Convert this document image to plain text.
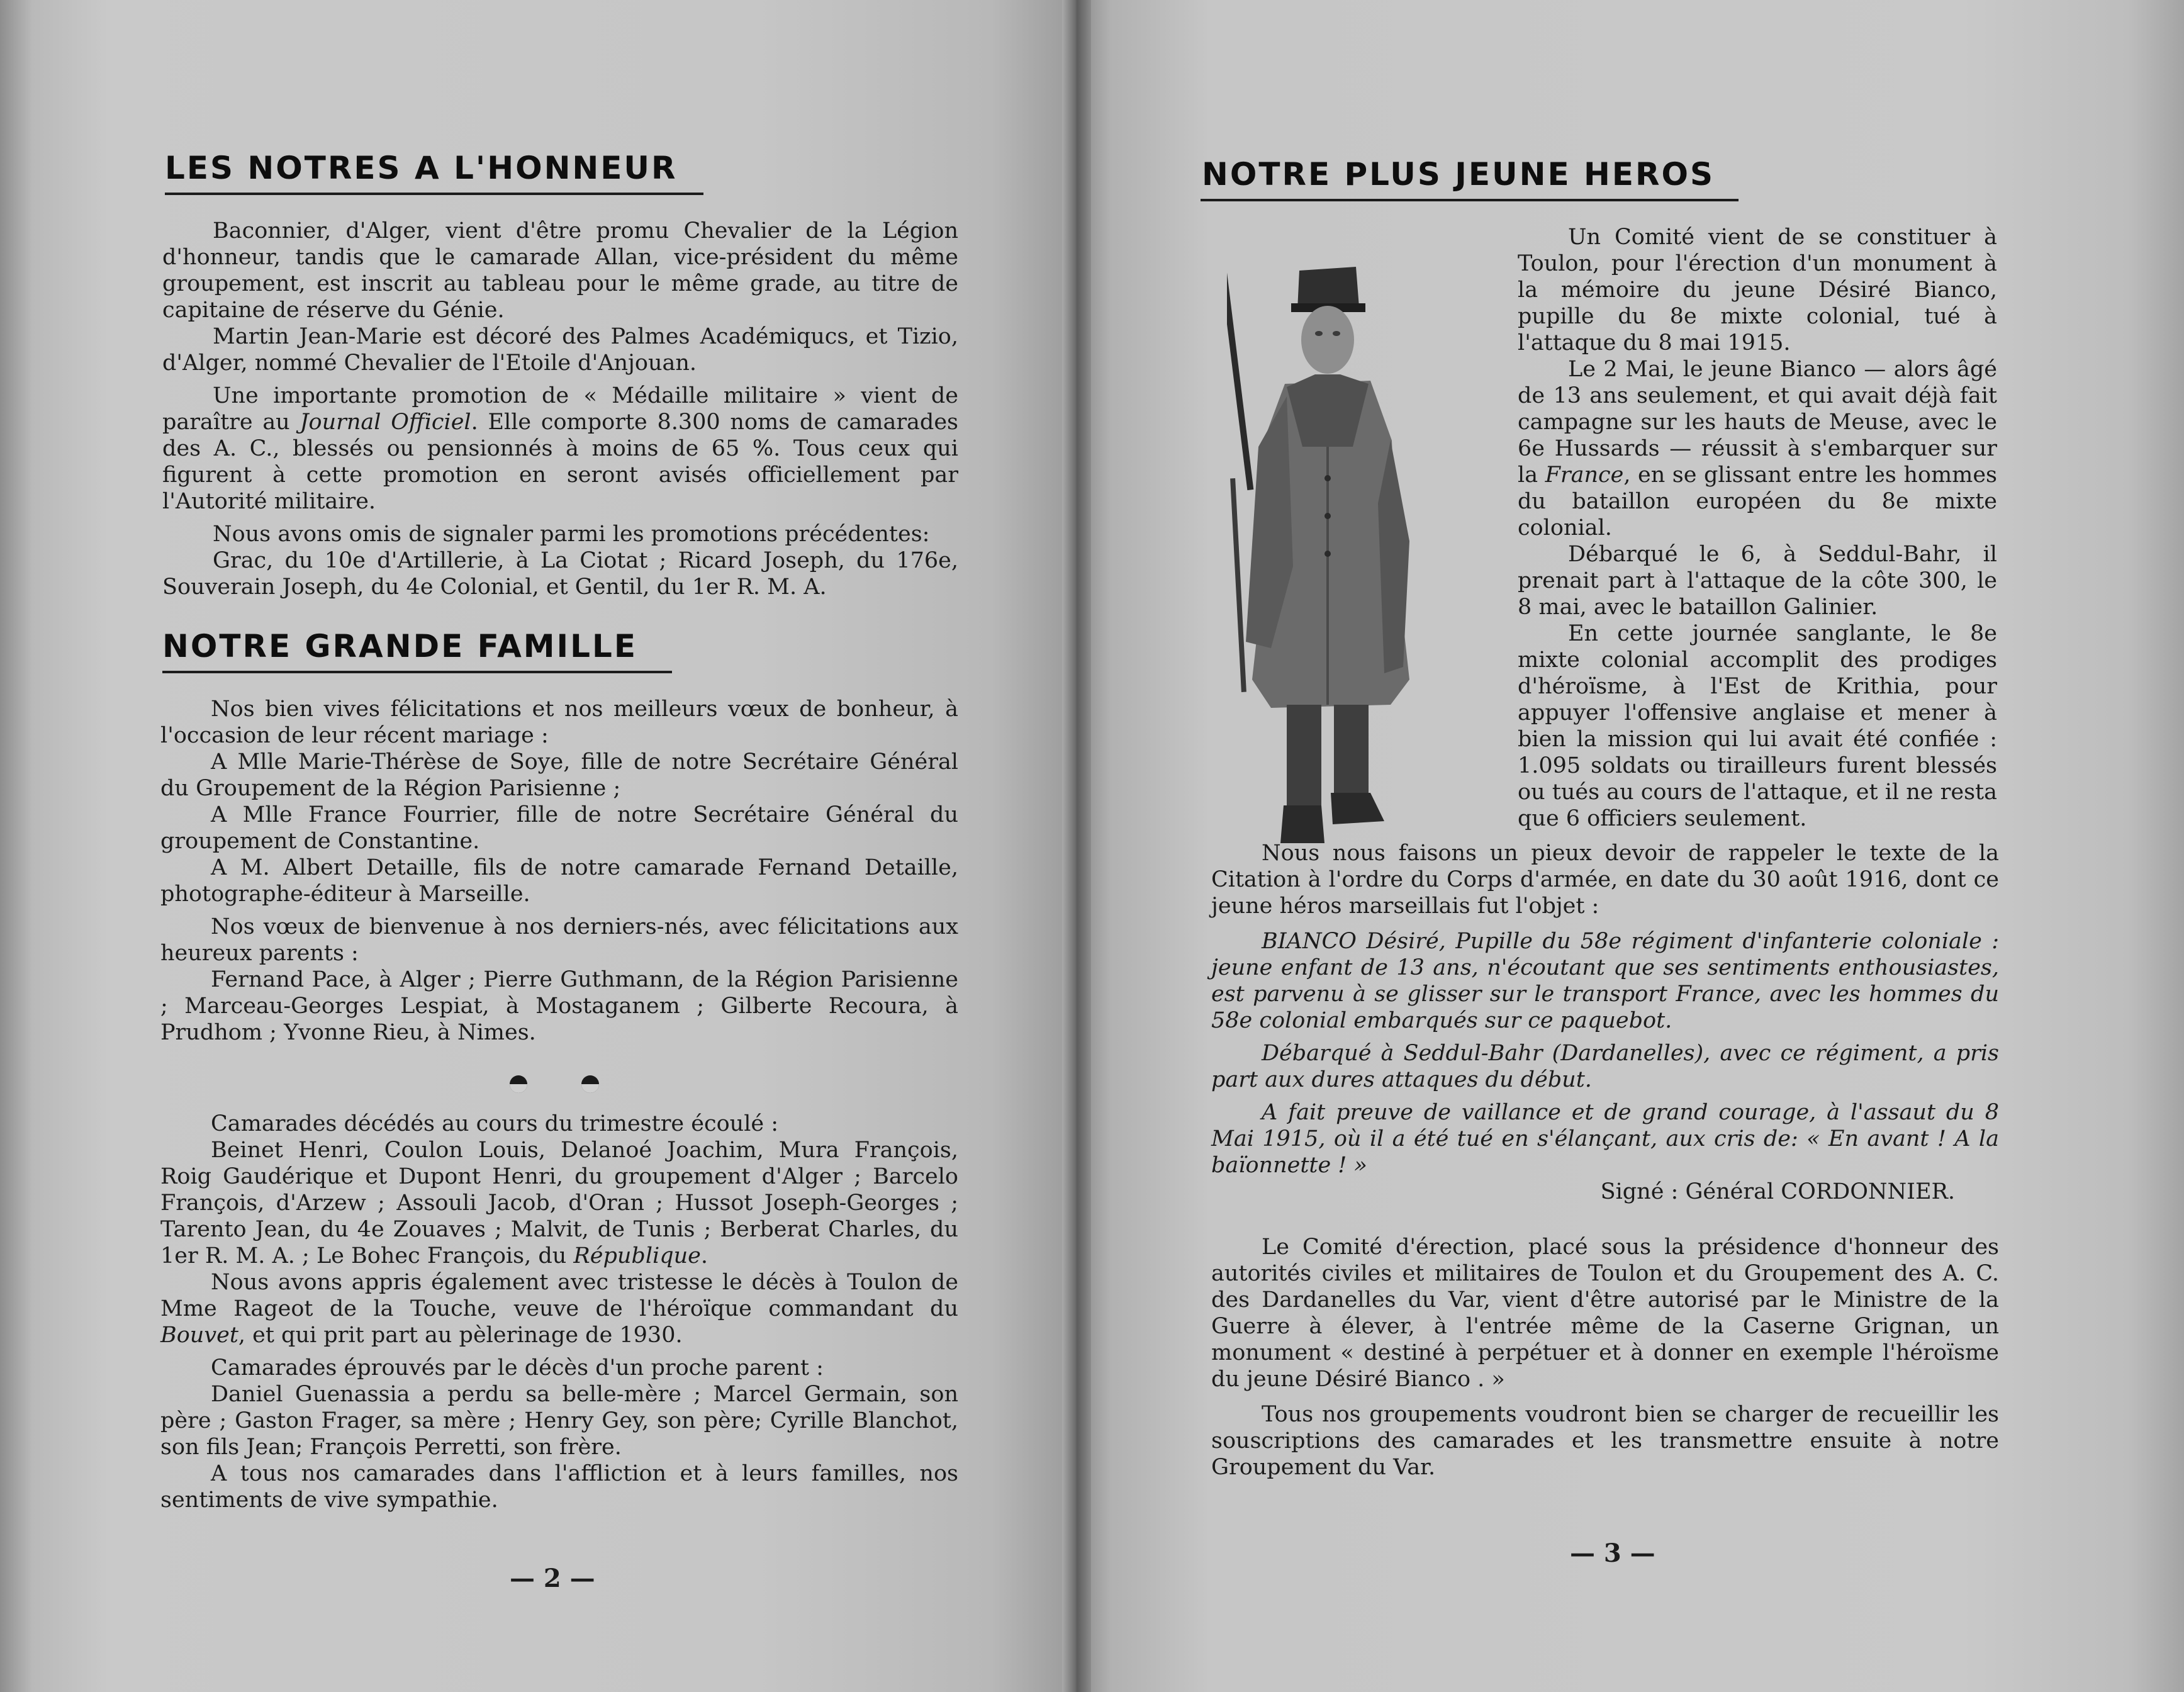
LES NOTRES A L'HONNEUR

Baconnier, d'Alger, vient d'être promu Chevalier de la Légion d'honneur, tandis que le camarade Allan, vice-président du même groupement, est inscrit au tableau pour le même grade, au titre de capitaine de réserve du Génie.

Martin Jean-Marie est décoré des Palmes Académiqucs, et Tizio, d'Alger, nommé Chevalier de l'Etoile d'Anjouan.

Une importante promotion de « Médaille militaire » vient de paraître au Journal Officiel. Elle comporte 8.300 noms de camarades des A. C., blessés ou pensionnés à moins de 65 %. Tous ceux qui figurent à cette promotion en seront avisés officiellement par l'Autorité militaire.

Nous avons omis de signaler parmi les promotions précédentes:

Grac, du 10e d'Artillerie, à La Ciotat ; Ricard Joseph, du 176e, Souverain Joseph, du 4e Colonial, et Gentil, du 1er R. M. A.

NOTRE GRANDE FAMILLE

Nos bien vives félicitations et nos meilleurs vœux de bonheur, à l'occasion de leur récent mariage :

A Mlle Marie-Thérèse de Soye, fille de notre Secrétaire Général du Groupement de la Région Parisienne ;

A Mlle France Fourrier, fille de notre Secrétaire Général du groupement de Constantine.

A M. Albert Detaille, fils de notre camarade Fernand Detaille, photographe-éditeur à Marseille.

Nos vœux de bienvenue à nos derniers-nés, avec félicitations aux heureux parents :

Fernand Pace, à Alger ; Pierre Guthmann, de la Région Parisienne ; Marceau-Georges Lespiat, à Mostaganem ; Gilberte Recoura, à Prudhom ; Yvonne Rieu, à Nimes.

Camarades décédés au cours du trimestre écoulé :

Beinet Henri, Coulon Louis, Delanoé Joachim, Mura François, Roig Gaudérique et Dupont Henri, du groupement d'Alger ; Barcelo François, d'Arzew ; Assouli Jacob, d'Oran ; Hussot Joseph-Georges ; Tarento Jean, du 4e Zouaves ; Malvit, de Tunis ; Berberat Charles, du 1er R. M. A. ; Le Bohec François, du République.

Nous avons appris également avec tristesse le décès à Toulon de Mme Rageot de la Touche, veuve de l'héroïque commandant du Bouvet, et qui prit part au pèlerinage de 1930.

Camarades éprouvés par le décès d'un proche parent :

Daniel Guenassia a perdu sa belle-mère ; Marcel Germain, son père ; Gaston Frager, sa mère ; Henry Gey, son père; Cyrille Blanchot, son fils Jean; François Perretti, son frère.

A tous nos camarades dans l'affliction et à leurs familles, nos sentiments de vive sympathie.

— 2 —
NOTRE PLUS JEUNE HEROS

Un Comité vient de se constituer à Toulon, pour l'érection d'un monument à la mémoire du jeune Désiré Bianco, pupille du 8e mixte colonial, tué à l'attaque du 8 mai 1915.

Le 2 Mai, le jeune Bianco — alors âgé de 13 ans seulement, et qui avait déjà fait campagne sur les hauts de Meuse, avec le 6e Hussards — réussit à s'embarquer sur la France, en se glissant entre les hommes du bataillon européen du 8e mixte colonial.

Débarqué le 6, à Seddul-Bahr, il prenait part à l'attaque de la côte 300, le 8 mai, avec le bataillon Galinier.

En cette journée sanglante, le 8e mixte colonial accomplit des prodiges d'héroïsme, à l'Est de Krithia, pour appuyer l'offensive anglaise et mener à bien la mission qui lui avait été confiée : 1.095 soldats ou tirailleurs furent blessés ou tués au cours de l'attaque, et il ne resta que 6 officiers seulement.

Nous nous faisons un pieux devoir de rappeler le texte de la Citation à l'ordre du Corps d'armée, en date du 30 août 1916, dont ce jeune héros marseillais fut l'objet :

BIANCO Désiré, Pupille du 58e régiment d'infanterie coloniale : jeune enfant de 13 ans, n'écoutant que ses sentiments enthousiastes, est parvenu à se glisser sur le transport France, avec les hommes du 58e colonial embarqués sur ce paquebot.

Débarqué à Seddul-Bahr (Dardanelles), avec ce régiment, a pris part aux dures attaques du début.

A fait preuve de vaillance et de grand courage, à l'assaut du 8 Mai 1915, où il a été tué en s'élançant, aux cris de: « En avant ! A la baïonnette ! »

Signé : Général CORDONNIER.

Le Comité d'érection, placé sous la présidence d'honneur des autorités civiles et militaires de Toulon et du Groupement des A. C. des Dardanelles du Var, vient d'être autorisé par le Ministre de la Guerre à élever, à l'entrée même de la Caserne Grignan, un monument « destiné à perpétuer et à donner en exemple l'héroïsme du jeune Désiré Bianco . »

Tous nos groupements voudront bien se charger de recueillir les souscriptions des camarades et les transmettre ensuite à notre Groupement du Var.

— 3 —
